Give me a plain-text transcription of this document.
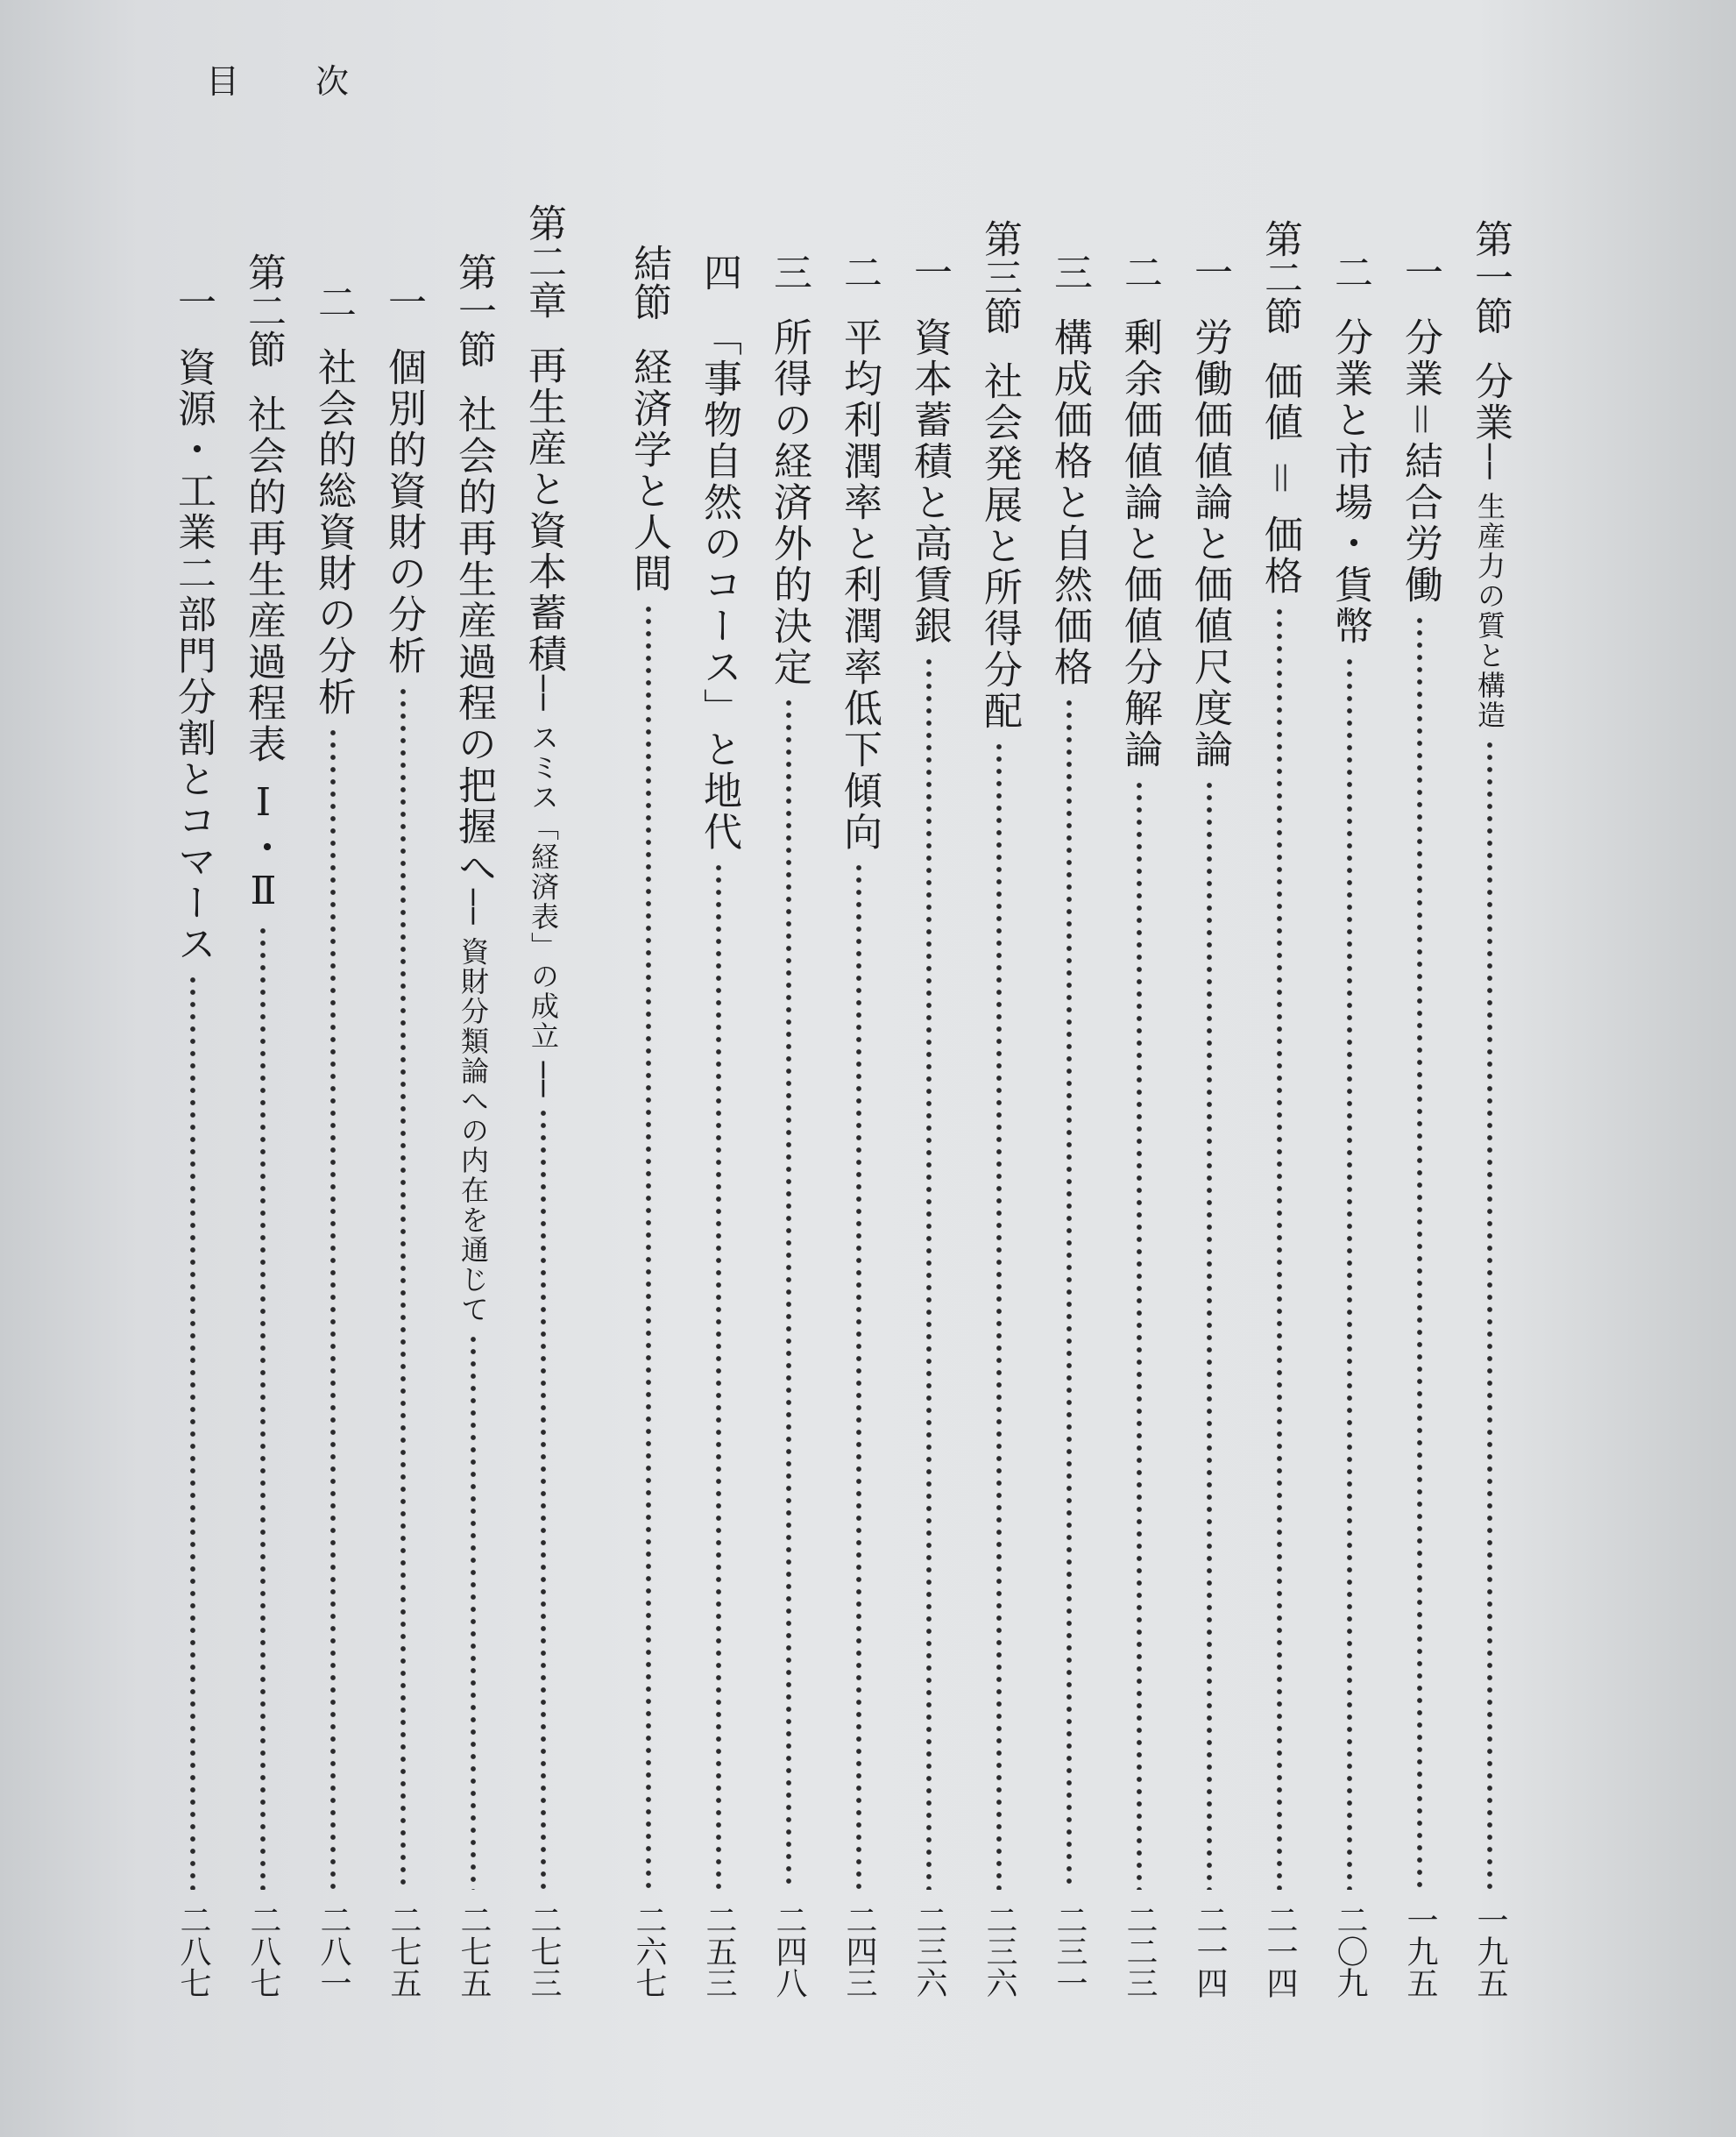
目 次
第一節
分業
── 生産力の質と構造
一九五
一
分業＝結合労働
一九五
二
分業と市場・貨幣
二〇九
第二節
価値 ＝ 価格
二一四
一
労働価値論と価値尺度論
二一四
二
剰余価値論と価値分解論
二二三
三
構成価格と自然価格
二三一
第三節
社会発展と所得分配
二三六
一
資本蓄積と高賃銀
二三六
二
平均利潤率と利潤率低下傾向
二四三
三
所得の経済外的決定
二四八
四
「事物自然のコース」と地代
二五三
結節
経済学と人間
二六七
第二章
再生産と資本蓄積
── スミス「経済表」の成立 ──
二七三
第一節
社会的再生産過程の把握へ
── 資財分類論への内在を通じて
二七五
一
個別的資財の分析
二七五
二
社会的総資財の分析
二八一
第二節
社会的再生産過程表 Ⅰ・Ⅱ
二八七
一
資源・工業二部門分割とコマース
二八七
